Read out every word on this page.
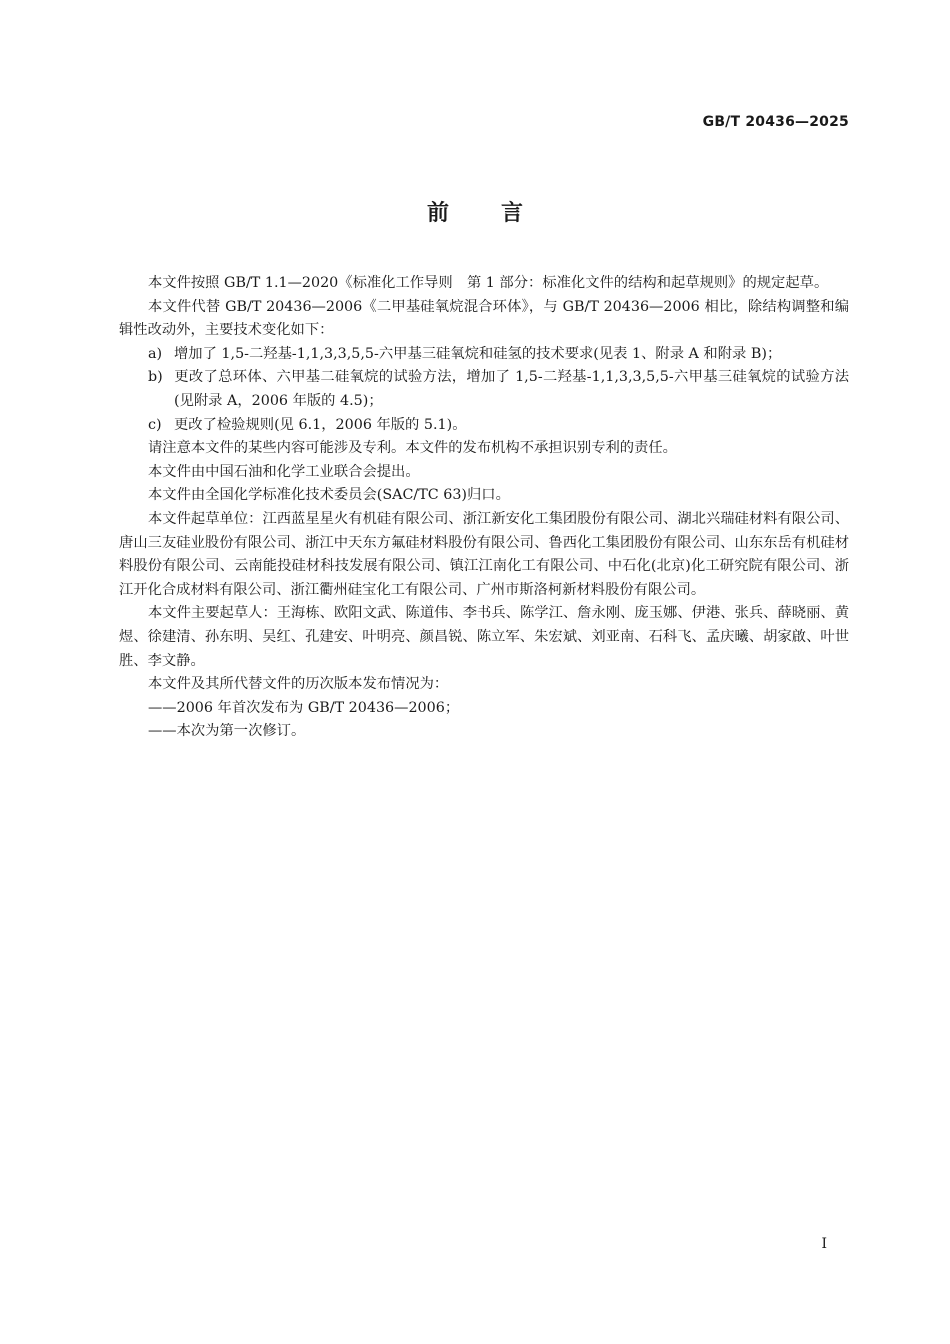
GB/T 20436—2025
前 言

本文件按照 GB/T 1.1—2020《标准化工作导则　第 1 部分：标准化文件的结构和起草规则》的规定起草。

本文件代替 GB/T 20436—2006《二甲基硅氧烷混合环体》，与 GB/T 20436—2006 相比，除结构调整和编辑性改动外，主要技术变化如下：

a) 增加了 1,5-二羟基-1,1,3,3,5,5-六甲基三硅氧烷和硅氢的技术要求(见表 1、附录 A 和附录 B)；

b) 更改了总环体、六甲基二硅氧烷的试验方法，增加了 1,5-二羟基-1,1,3,3,5,5-六甲基三硅氧烷的试验方法(见附录 A，2006 年版的 4.5)；

c) 更改了检验规则(见 6.1，2006 年版的 5.1)。

请注意本文件的某些内容可能涉及专利。本文件的发布机构不承担识别专利的责任。

本文件由中国石油和化学工业联合会提出。

本文件由全国化学标准化技术委员会(SAC/TC 63)归口。

本文件起草单位：江西蓝星星火有机硅有限公司、浙江新安化工集团股份有限公司、湖北兴瑞硅材料有限公司、唐山三友硅业股份有限公司、浙江中天东方氟硅材料股份有限公司、鲁西化工集团股份有限公司、山东东岳有机硅材料股份有限公司、云南能投硅材科技发展有限公司、镇江江南化工有限公司、中石化(北京)化工研究院有限公司、浙江开化合成材料有限公司、浙江衢州硅宝化工有限公司、广州市斯洛柯新材料股份有限公司。

本文件主要起草人：王海栋、欧阳文武、陈道伟、李书兵、陈学江、詹永刚、庞玉娜、伊港、张兵、薛晓丽、黄煜、徐建清、孙东明、吴红、孔建安、叶明亮、颜昌锐、陈立军、朱宏斌、刘亚南、石科飞、孟庆曦、胡家啟、叶世胜、李文静。

本文件及其所代替文件的历次版本发布情况为：

——2006 年首次发布为 GB/T 20436—2006；

——本次为第一次修订。

I
